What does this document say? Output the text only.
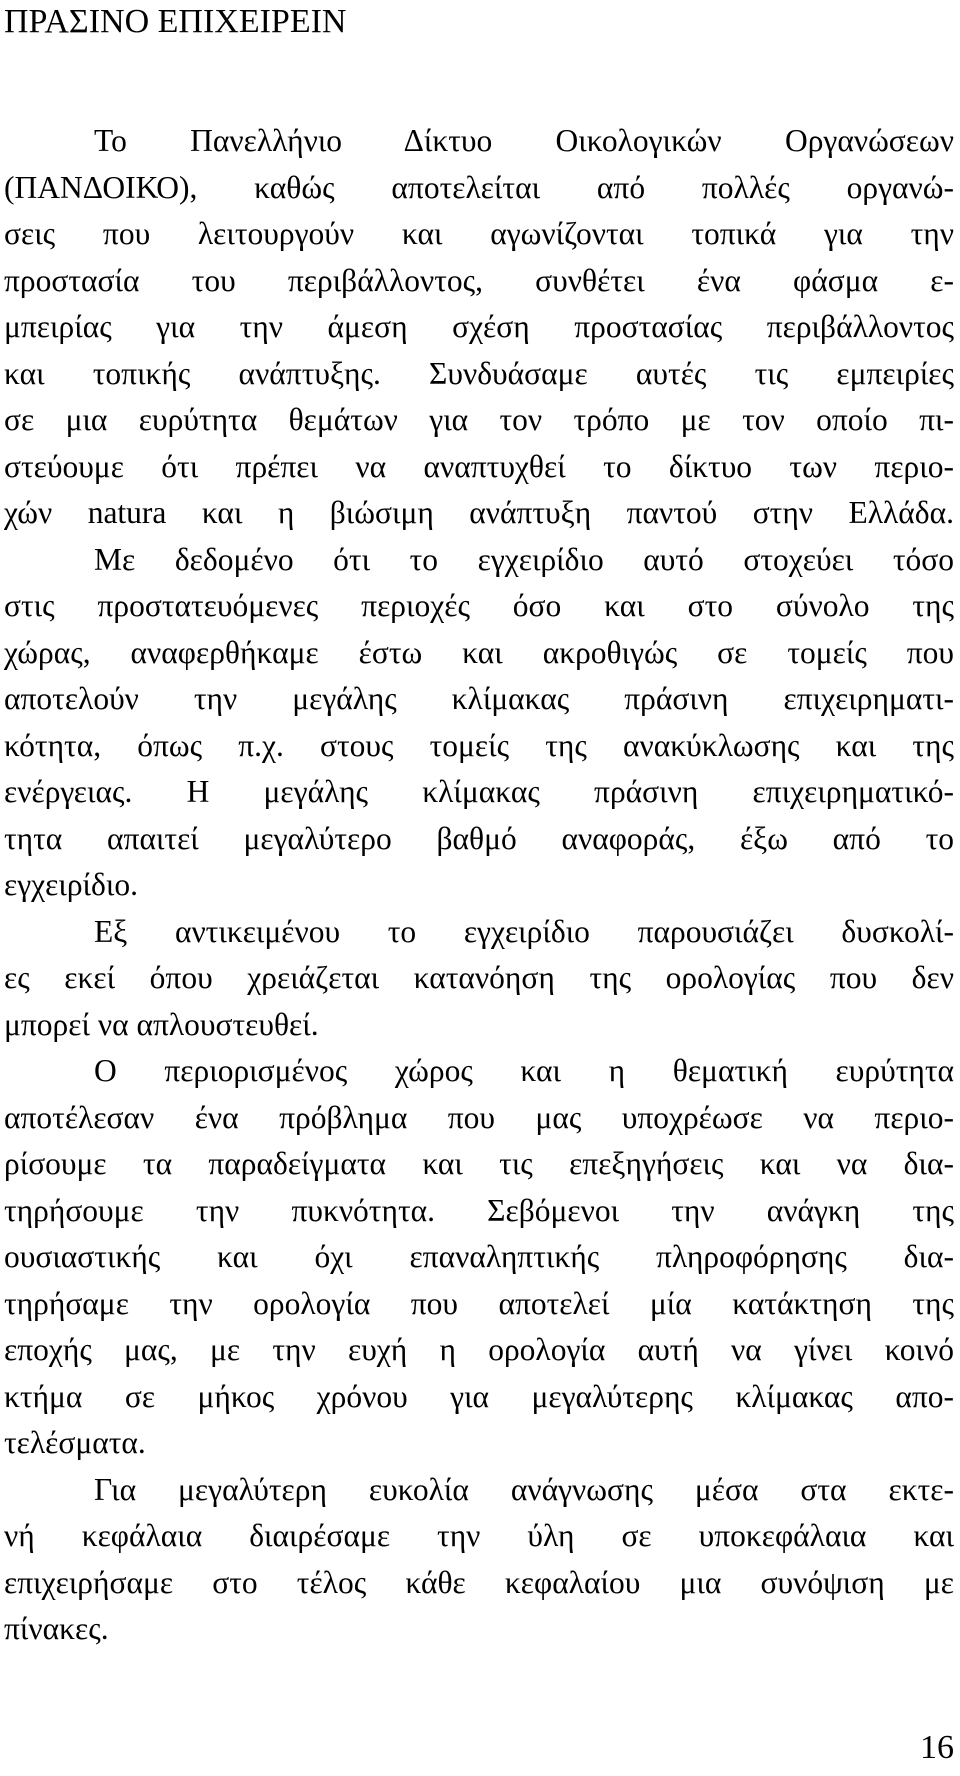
ΠΡΑΣΙΝΟ ΕΠΙΧΕΙΡΕΙΝ
Το Πανελλήνιο Δίκτυο Οικολογικών Οργανώσεων
(ΠΑΝΔΟΙΚΟ), καθώς αποτελείται από πολλές οργανώ-
σεις που λειτουργούν και αγωνίζονται τοπικά για την
προστασία του περιβάλλοντος, συνθέτει ένα φάσμα ε-
μπειρίας για την άμεση σχέση προστασίας περιβάλλοντος
και τοπικής ανάπτυξης. Συνδυάσαμε αυτές τις εμπειρίες
σε μια ευρύτητα θεμάτων για τον τρόπο με τον οποίο πι-
στεύουμε ότι πρέπει να αναπτυχθεί το δίκτυο των περιο-
χών natura και η βιώσιμη ανάπτυξη παντού στην Ελλάδα.
Με δεδομένο ότι το εγχειρίδιο αυτό στοχεύει τόσο
στις προστατευόμενες περιοχές όσο και στο σύνολο της
χώρας, αναφερθήκαμε έστω και ακροθιγώς σε τομείς που
αποτελούν την μεγάλης κλίμακας πράσινη επιχειρηματι-
κότητα, όπως π.χ. στους τομείς της ανακύκλωσης και της
ενέργειας. Η μεγάλης κλίμακας πράσινη επιχειρηματικό-
τητα απαιτεί μεγαλύτερο βαθμό αναφοράς, έξω από το
εγχειρίδιο.
Εξ αντικειμένου το εγχειρίδιο παρουσιάζει δυσκολί-
ες εκεί όπου χρειάζεται κατανόηση της ορολογίας που δεν
μπορεί να απλουστευθεί.
Ο περιορισμένος χώρος και η θεματική ευρύτητα
αποτέλεσαν ένα πρόβλημα που μας υποχρέωσε να περιο-
ρίσουμε τα παραδείγματα και τις επεξηγήσεις και να δια-
τηρήσουμε την πυκνότητα. Σεβόμενοι την ανάγκη της
ουσιαστικής και όχι επαναληπτικής πληροφόρησης δια-
τηρήσαμε την ορολογία που αποτελεί μία κατάκτηση της
εποχής μας, με την ευχή η ορολογία αυτή να γίνει κοινό
κτήμα σε μήκος χρόνου για μεγαλύτερης κλίμακας απο-
τελέσματα.
Για μεγαλύτερη ευκολία ανάγνωσης μέσα στα εκτε-
νή κεφάλαια διαιρέσαμε την ύλη σε υποκεφάλαια και
επιχειρήσαμε στο τέλος κάθε κεφαλαίου μια συνόψιση με
πίνακες.
16
